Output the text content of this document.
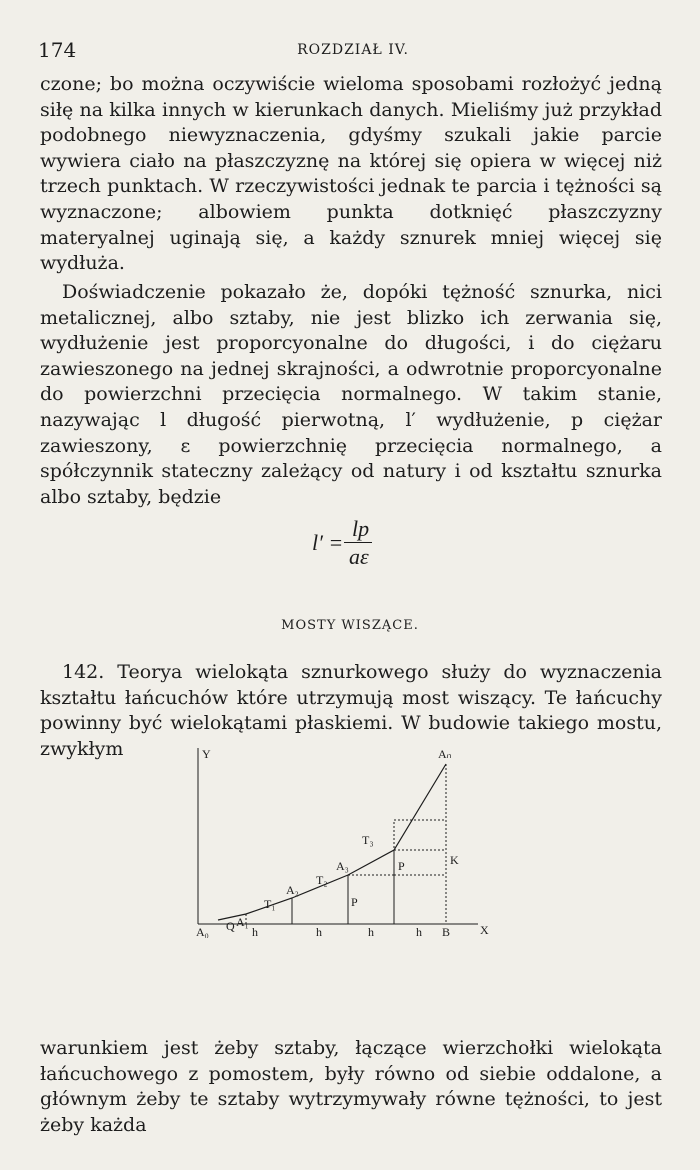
174	ROZDZIAŁ IV.

czone; bo można oczywiście wieloma sposobami rozłożyć jedną siłę na kilka innych w kierunkach danych. Mieliśmy już przykład podobnego niewyznaczenia, gdyśmy szukali jakie parcie wywiera ciało na płaszczyznę na której się opiera w więcej niż trzech punktach. W rzeczywistości jednak te parcia i tężności są wyznaczone; albowiem punkta dotknięć płaszczyzny materyalnej uginają się, a każdy sznurek mniej więcej się wydłuża.

Doświadczenie pokazało że, dopóki tężność sznurka, nici metalicznej, albo sztaby, nie jest blizko ich zerwania się, wydłużenie jest proporcyonalne do długości, i do ciężaru zawieszonego na jednej skrajności, a odwrotnie proporcyonalne do powierzchni przecięcia normalnego. W takim stanie, nazywając l długość pierwotną, l′ wydłużenie, p ciężar zawieszony, ε powierzchnię przecięcia normalnego, a spółczynnik stateczny zależący od natury i od kształtu sznurka albo sztaby, będzie

l′ =
lp
aε
MOSTY WISZĄCE.

142. Teorya wielokąta sznurkowego służy do wyznaczenia kształtu łańcuchów które utrzymują most wiszący. Te łańcuchy powinny być wielokątami płaskiemi. W budowie takiego mostu, zwykłym	Y
X
A₀ Q A₁
A₂
A₃
Aₙ
T₁
T₂
T₃
P
P	K
h	h	h	h B

warunkiem jest żeby sztaby, łączące wierzchołki wielokąta łańcuchowego z pomostem, były równo od siebie oddalone, a głównym żeby te sztaby wytrzymywały równe tężności, to jest żeby każda
